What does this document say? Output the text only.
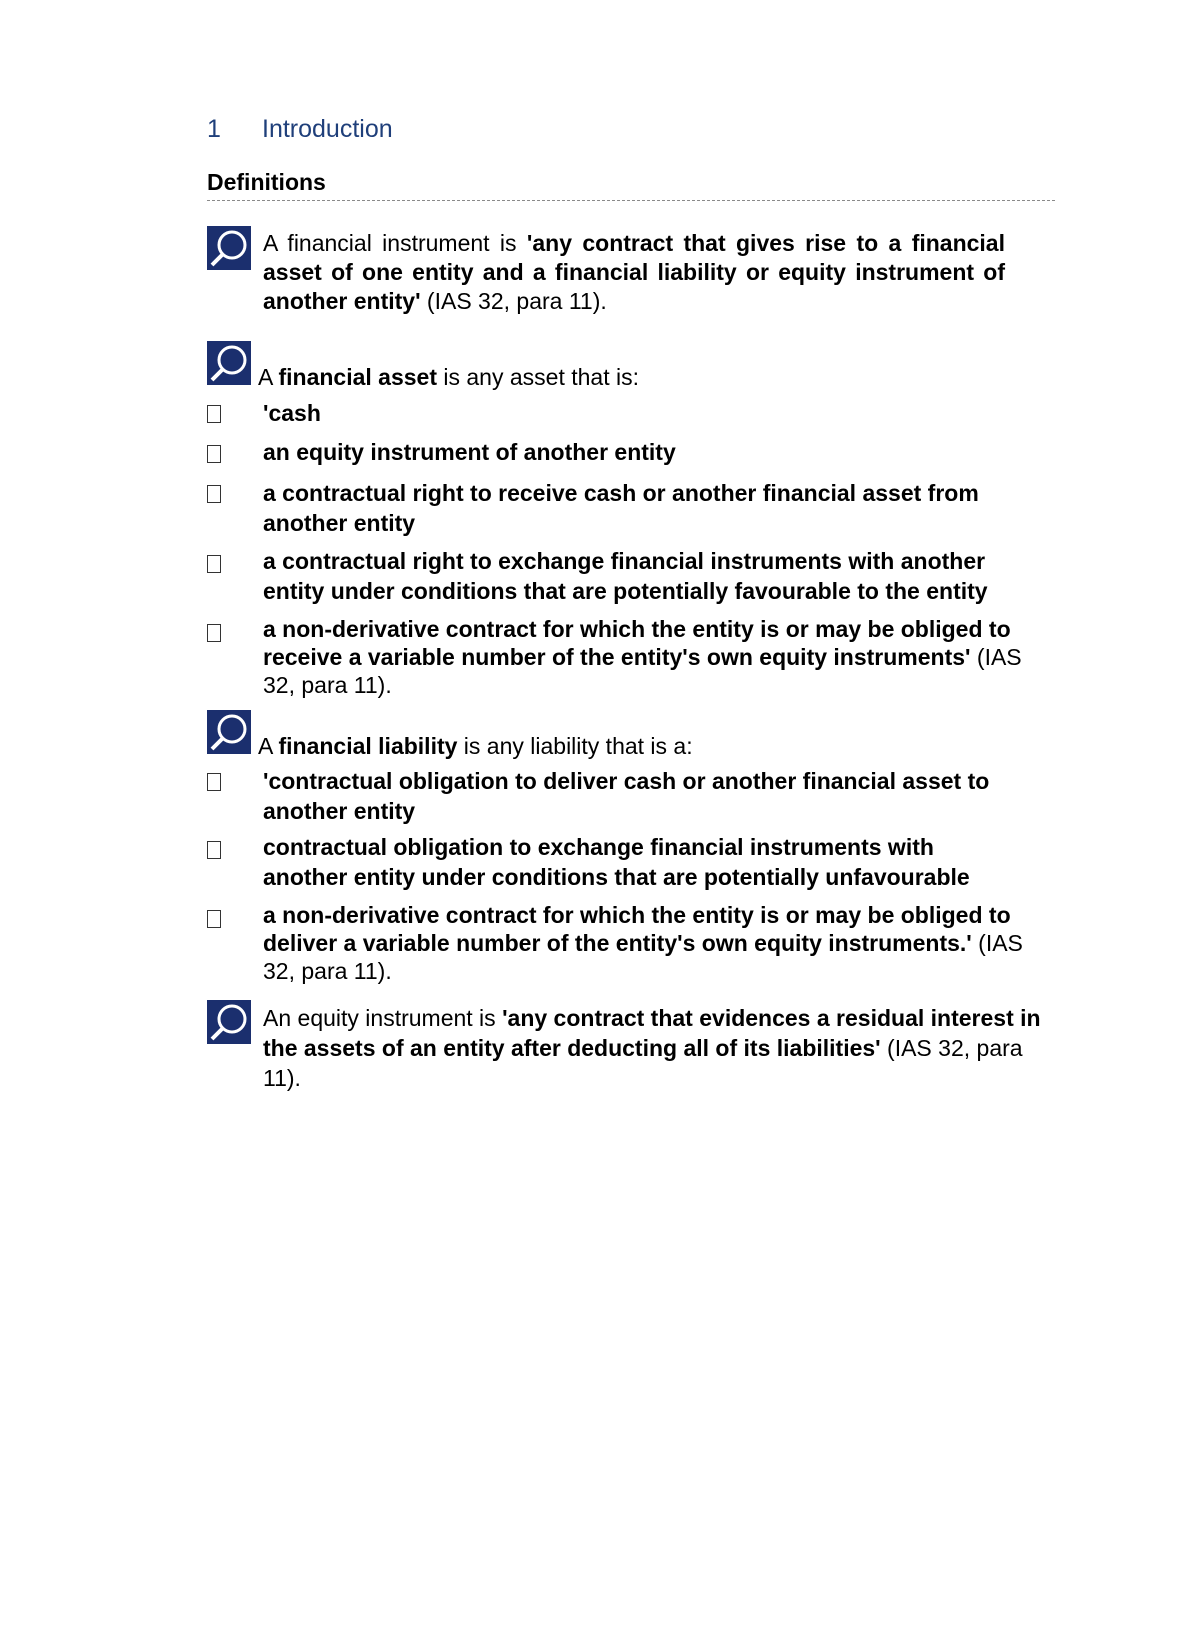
1 Introduction
Definitions

A financial instrument is 'any contract that gives rise to a financial asset of one entity and a financial liability or equity instrument of another entity' (IAS 32, para 11).

A financial asset is any asset that is:

'cash

an equity instrument of another entity

a contractual right to receive cash or another financial asset from another entity

a contractual right to exchange financial instruments with another entity under conditions that are potentially favourable to the entity

a non-derivative contract for which the entity is or may be obliged to receive a variable number of the entity's own equity instruments' (IAS 32, para 11).

A financial liability is any liability that is a:

'contractual obligation to deliver cash or another financial asset to another entity

contractual obligation to exchange financial instruments with another entity under conditions that are potentially unfavourable

a non-derivative contract for which the entity is or may be obliged to deliver a variable number of the entity's own equity instruments.' (IAS 32, para 11).

An equity instrument is 'any contract that evidences a residual interest in the assets of an entity after deducting all of its liabilities' (IAS 32, para 11).
